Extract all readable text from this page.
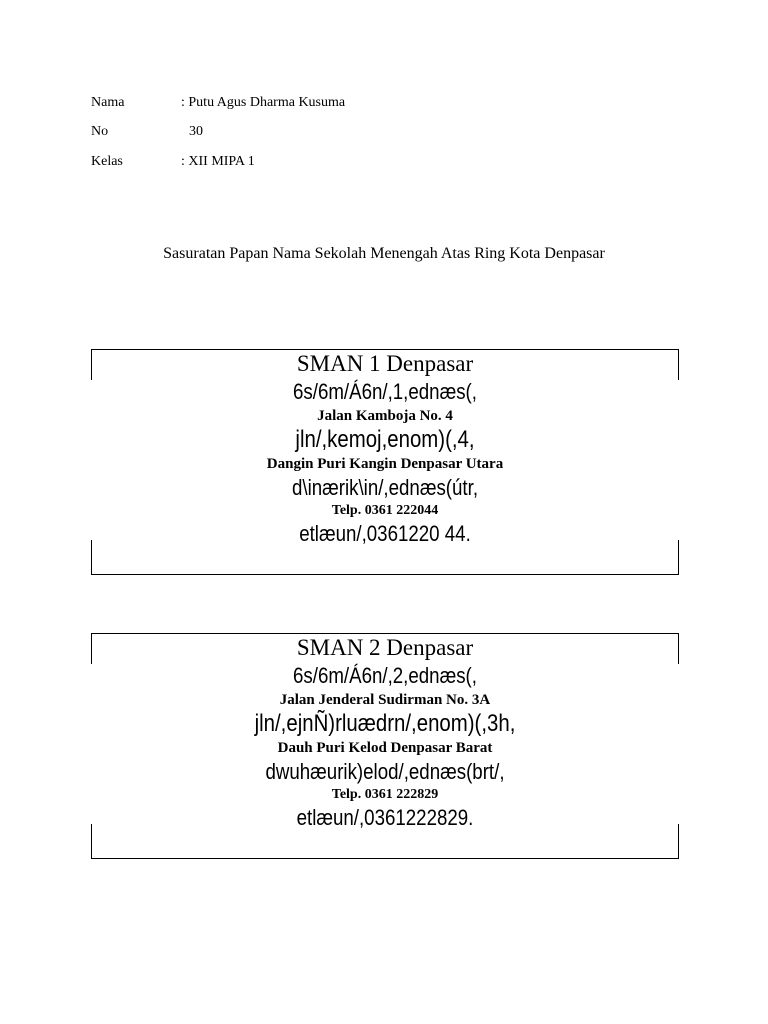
Nama	: Putu Agus Dharma Kusuma
No	30
Kelas	: XII MIPA 1
Sasuratan Papan Nama Sekolah Menengah Atas Ring Kota Denpasar
SMAN 1 Denpasar
6s/6m/Á6n/,1,ednæs(,
Jalan Kamboja No. 4
jln/,kemoj,enom)(,4,
Dangin Puri Kangin Denpasar Utara
d\inærik\in/,ednæs(útr,
Telp. 0361 222044
etlæun/,0361220 44.
SMAN 2 Denpasar
6s/6m/Á6n/,2,ednæs(,
Jalan Jenderal Sudirman No. 3A
jln/,ejnÑ)rluædrn/,enom)(,3h,
Dauh Puri Kelod Denpasar Barat
dwuhæurik)elod/,ednæs(brt/,
Telp. 0361 222829
etlæun/,0361222829.
